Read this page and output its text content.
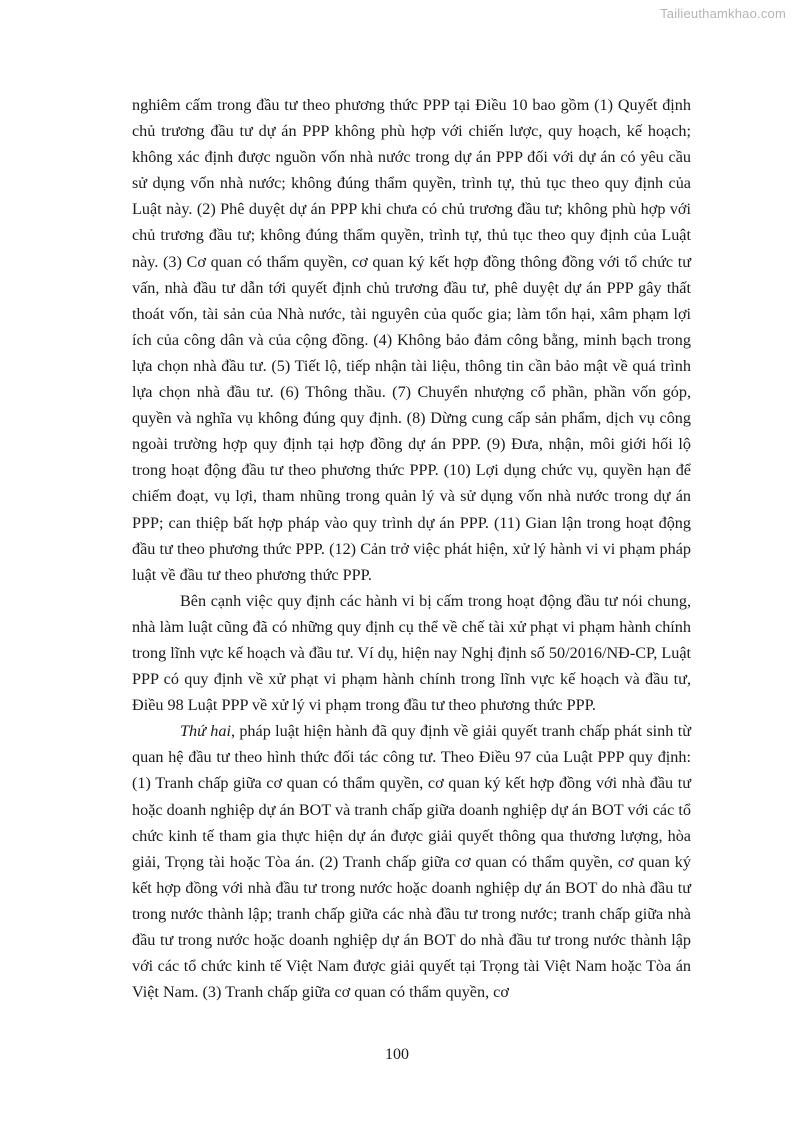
Tailieuthamkhao.com

nghiêm cấm trong đầu tư theo phương thức PPP tại Điều 10 bao gồm (1) Quyết định chủ trương đầu tư dự án PPP không phù hợp với chiến lược, quy hoạch, kế hoạch; không xác định được nguồn vốn nhà nước trong dự án PPP đối với dự án có yêu cầu sử dụng vốn nhà nước; không đúng thẩm quyền, trình tự, thủ tục theo quy định của Luật này. (2) Phê duyệt dự án PPP khi chưa có chủ trương đầu tư; không phù hợp với chủ trương đầu tư; không đúng thẩm quyền, trình tự, thủ tục theo quy định của Luật này. (3) Cơ quan có thẩm quyền, cơ quan ký kết hợp đồng thông đồng với tổ chức tư vấn, nhà đầu tư dẫn tới quyết định chủ trương đầu tư, phê duyệt dự án PPP gây thất thoát vốn, tài sản của Nhà nước, tài nguyên của quốc gia; làm tổn hại, xâm phạm lợi ích của công dân và của cộng đồng. (4) Không bảo đảm công bằng, minh bạch trong lựa chọn nhà đầu tư. (5) Tiết lộ, tiếp nhận tài liệu, thông tin cần bảo mật về quá trình lựa chọn nhà đầu tư. (6) Thông thầu. (7) Chuyển nhượng cổ phần, phần vốn góp, quyền và nghĩa vụ không đúng quy định. (8) Dừng cung cấp sản phẩm, dịch vụ công ngoài trường hợp quy định tại hợp đồng dự án PPP. (9) Đưa, nhận, môi giới hối lộ trong hoạt động đầu tư theo phương thức PPP. (10) Lợi dụng chức vụ, quyền hạn để chiếm đoạt, vụ lợi, tham nhũng trong quản lý và sử dụng vốn nhà nước trong dự án PPP; can thiệp bất hợp pháp vào quy trình dự án PPP. (11) Gian lận trong hoạt động đầu tư theo phương thức PPP. (12) Cản trở việc phát hiện, xử lý hành vi vi phạm pháp luật về đầu tư theo phương thức PPP.

Bên cạnh việc quy định các hành vi bị cấm trong hoạt động đầu tư nói chung, nhà làm luật cũng đã có những quy định cụ thể về chế tài xử phạt vi phạm hành chính trong lĩnh vực kế hoạch và đầu tư. Ví dụ, hiện nay Nghị định số 50/2016/NĐ-CP, Luật PPP có quy định về xử phạt vi phạm hành chính trong lĩnh vực kế hoạch và đầu tư, Điều 98 Luật PPP về xử lý vi phạm trong đầu tư theo phương thức PPP.

Thứ hai, pháp luật hiện hành đã quy định về giải quyết tranh chấp phát sinh từ quan hệ đầu tư theo hình thức đối tác công tư. Theo Điều 97 của Luật PPP quy định: (1) Tranh chấp giữa cơ quan có thẩm quyền, cơ quan ký kết hợp đồng với nhà đầu tư hoặc doanh nghiệp dự án BOT và tranh chấp giữa doanh nghiệp dự án BOT với các tổ chức kinh tế tham gia thực hiện dự án được giải quyết thông qua thương lượng, hòa giải, Trọng tài hoặc Tòa án. (2) Tranh chấp giữa cơ quan có thẩm quyền, cơ quan ký kết hợp đồng với nhà đầu tư trong nước hoặc doanh nghiệp dự án BOT do nhà đầu tư trong nước thành lập; tranh chấp giữa các nhà đầu tư trong nước; tranh chấp giữa nhà đầu tư trong nước hoặc doanh nghiệp dự án BOT do nhà đầu tư trong nước thành lập với các tổ chức kinh tế Việt Nam được giải quyết tại Trọng tài Việt Nam hoặc Tòa án Việt Nam. (3) Tranh chấp giữa cơ quan có thẩm quyền, cơ

100
